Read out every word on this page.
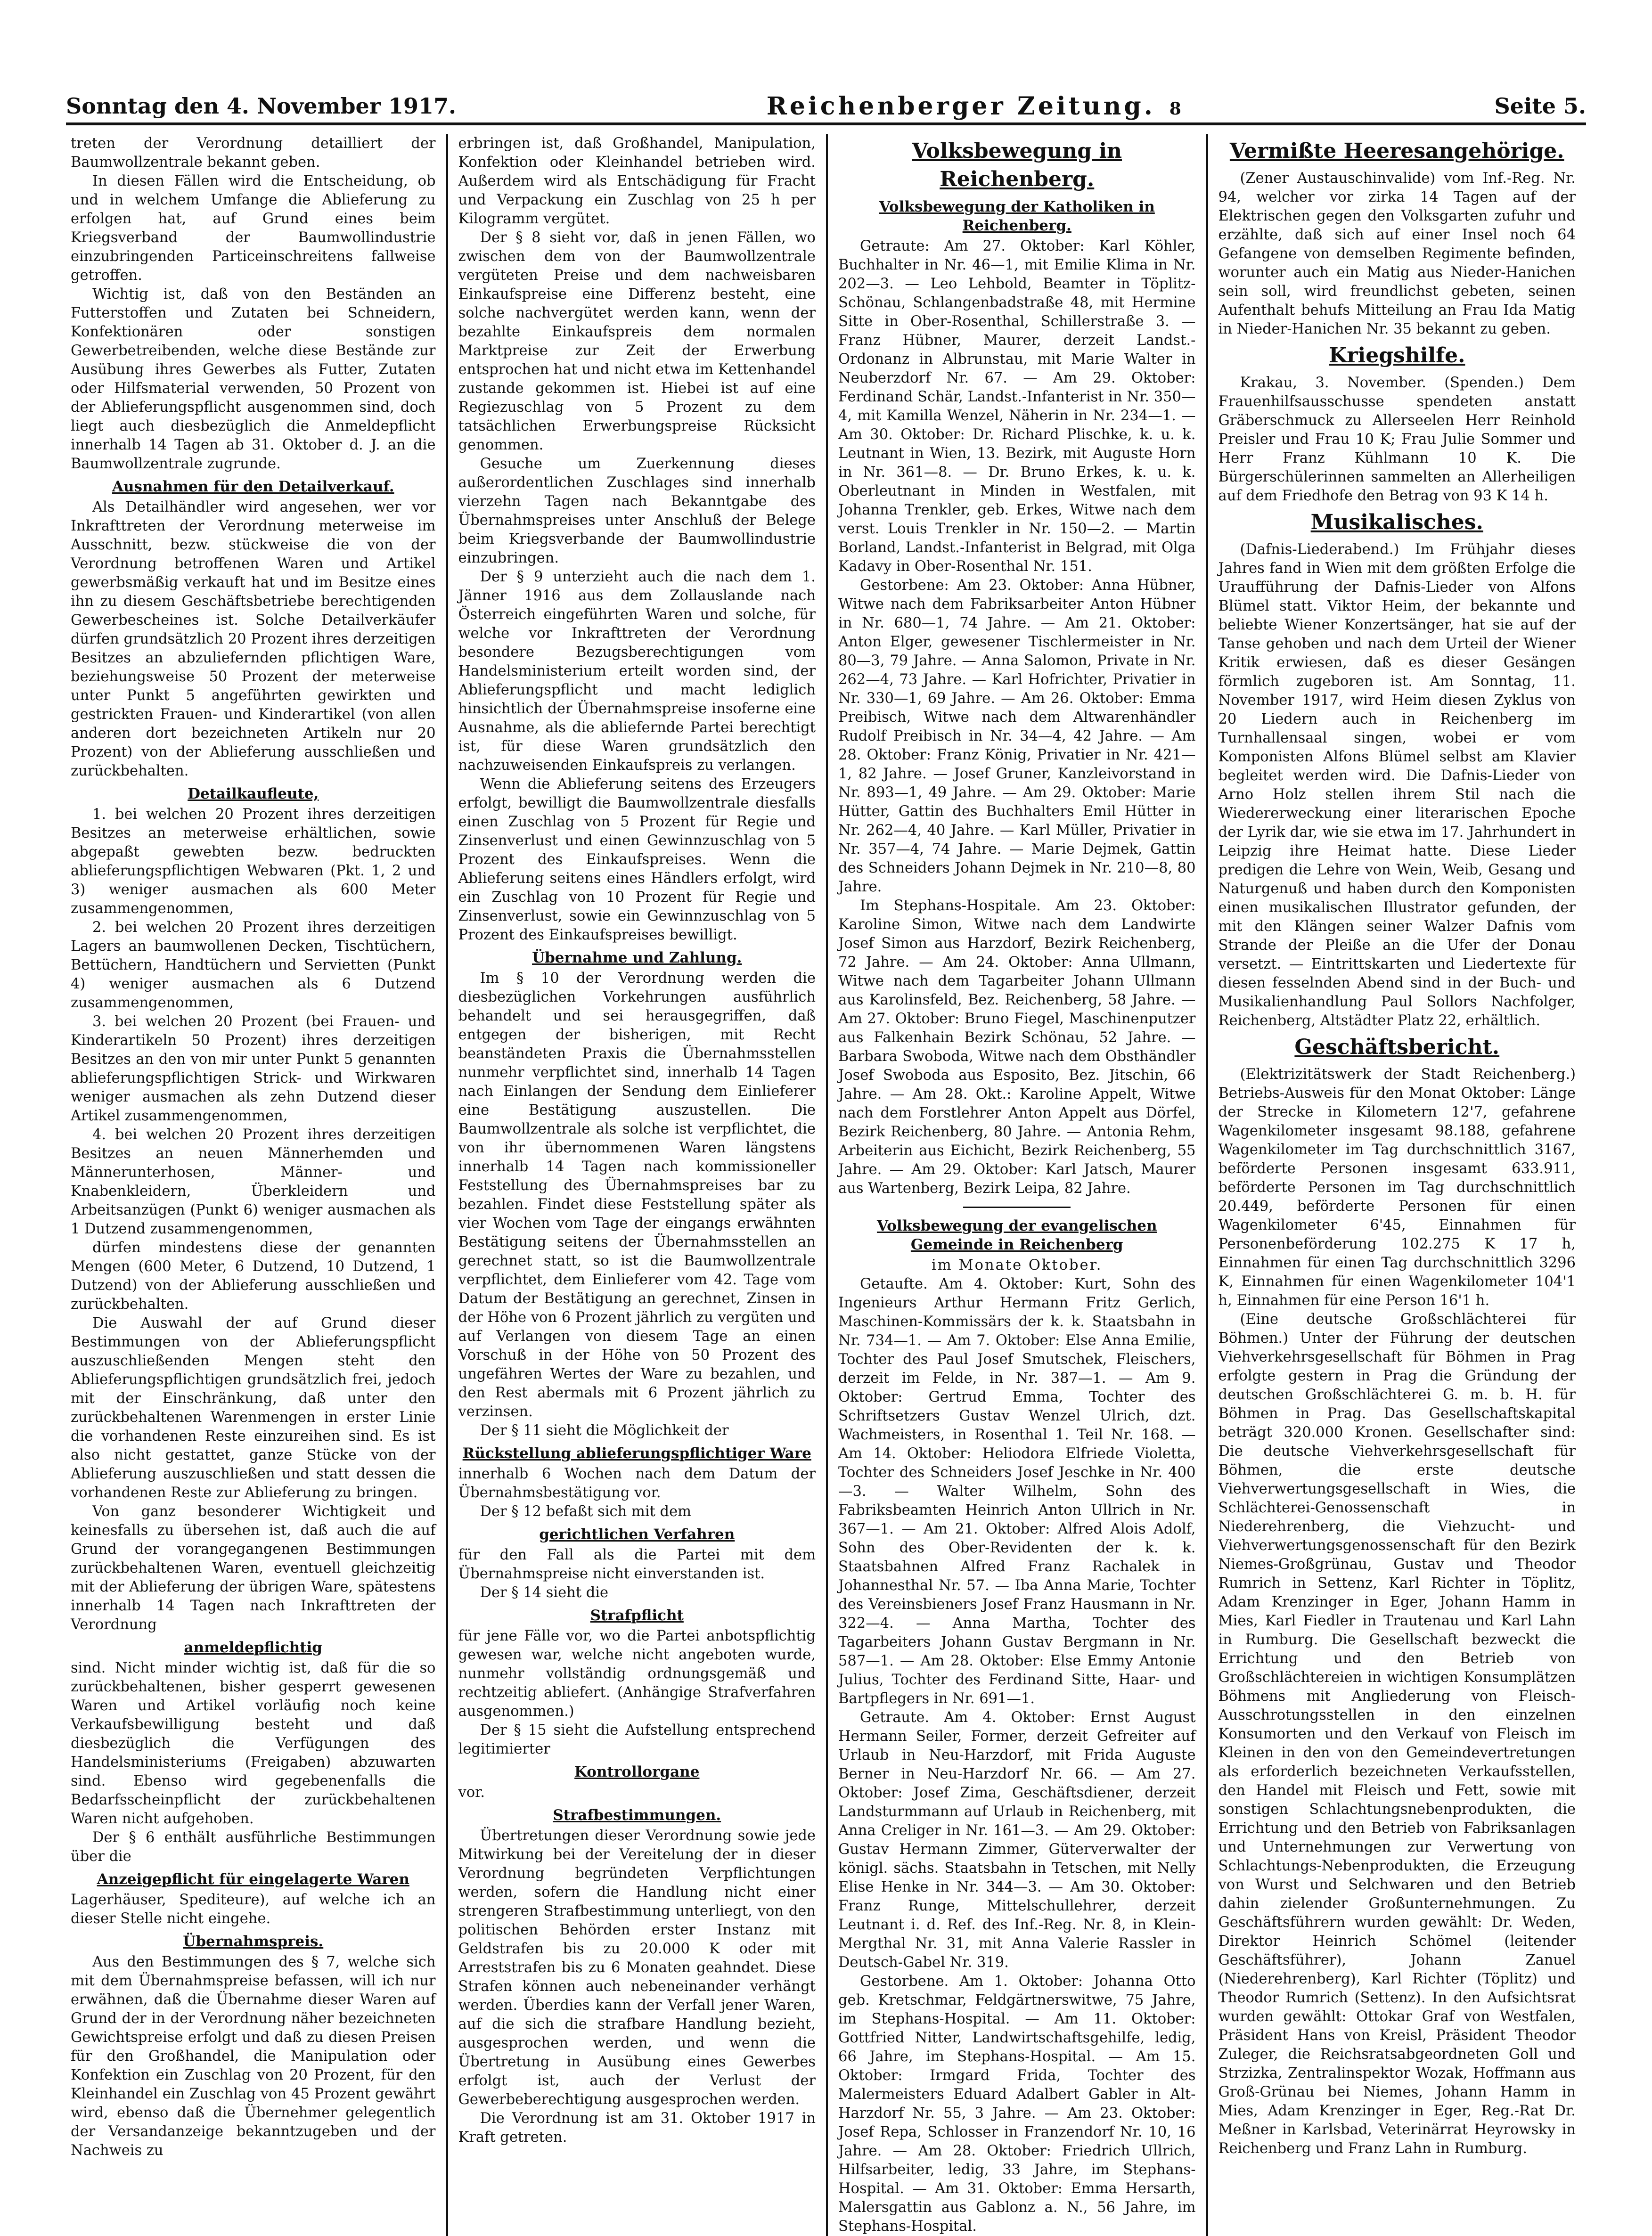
Sonntag den 4. November 1917.	Reichenberger Zeitung. 8	Seite 5.

treten der Verordnung detailliert der Baumwollzentrale bekannt geben.

In diesen Fällen wird die Entscheidung, ob und in welchem Umfange die Ablieferung zu erfolgen hat, auf Grund eines beim Kriegsverband der Baumwollindustrie einzubringenden Particeinschreitens fallweise getroffen.

Wichtig ist, daß von den Beständen an Futterstoffen und Zutaten bei Schneidern, Konfektionären oder sonstigen Gewerbetreibenden, welche diese Bestände zur Ausübung ihres Gewerbes als Futter, Zutaten oder Hilfsmaterial verwenden, 50 Prozent von der Ablieferungspflicht ausgenommen sind, doch liegt auch diesbezüglich die Anmeldepflicht innerhalb 14 Tagen ab 31. Oktober d. J. an die Baumwollzentrale zugrunde.

Ausnahmen für den Detailverkauf.

Als Detailhändler wird angesehen, wer vor Inkrafttreten der Verordnung meterweise im Ausschnitt, bezw. stückweise die von der Verordnung betroffenen Waren und Artikel gewerbsmäßig verkauft hat und im Besitze eines ihn zu diesem Geschäftsbetriebe berechtigenden Gewerbescheines ist. Solche Detailverkäufer dürfen grundsätzlich 20 Prozent ihres derzeitigen Besitzes an abzuliefernden pflichtigen Ware, beziehungsweise 50 Prozent der meterweise unter Punkt 5 angeführten gewirkten und gestrickten Frauen- und Kinderartikel (von allen anderen dort bezeichneten Artikeln nur 20 Prozent) von der Ablieferung ausschließen und zurückbehalten.

Detailkaufleute,

1. bei welchen 20 Prozent ihres derzeitigen Besitzes an meterweise erhältlichen, sowie abgepaßt gewebten bezw. bedruckten ablieferungspflichtigen Webwaren (Pkt. 1, 2 und 3) weniger ausmachen als 600 Meter zusammengenommen,

2. bei welchen 20 Prozent ihres derzeitigen Lagers an baumwollenen Decken, Tischtüchern, Bettüchern, Handtüchern und Servietten (Punkt 4) weniger ausmachen als 6 Dutzend zusammengenommen,

3. bei welchen 20 Prozent (bei Frauen- und Kinderartikeln 50 Prozent) ihres derzeitigen Besitzes an den von mir unter Punkt 5 genannten ablieferungspflichtigen Strick- und Wirkwaren weniger ausmachen als zehn Dutzend dieser Artikel zusammengenommen,

4. bei welchen 20 Prozent ihres derzeitigen Besitzes an neuen Männerhemden und Männerunterhosen, Männer- und Knabenkleidern, Überkleidern und Arbeitsanzügen (Punkt 6) weniger ausmachen als 1 Dutzend zusammengenommen,

dürfen mindestens diese der genannten Mengen (600 Meter, 6 Dutzend, 10 Dutzend, 1 Dutzend) von der Ablieferung ausschließen und zurückbehalten.

Die Auswahl der auf Grund dieser Bestimmungen von der Ablieferungspflicht auszuschließenden Mengen steht den Ablieferungspflichtigen grundsätzlich frei, jedoch mit der Einschränkung, daß unter den zurückbehaltenen Warenmengen in erster Linie die vorhandenen Reste einzureihen sind. Es ist also nicht gestattet, ganze Stücke von der Ablieferung auszuschließen und statt dessen die vorhandenen Reste zur Ablieferung zu bringen.

Von ganz besonderer Wichtigkeit und keinesfalls zu übersehen ist, daß auch die auf Grund der vorangegangenen Bestimmungen zurückbehaltenen Waren, eventuell gleichzeitig mit der Ablieferung der übrigen Ware, spätestens innerhalb 14 Tagen nach Inkrafttreten der Verordnung

anmeldepflichtig

sind. Nicht minder wichtig ist, daß für die so zurückbehaltenen, bisher gesperrt gewesenen Waren und Artikel vorläufig noch keine Verkaufsbewilligung besteht und daß diesbezüglich die Verfügungen des Handelsministeriums (Freigaben) abzuwarten sind. Ebenso wird gegebenenfalls die Bedarfsscheinpflicht der zurückbehaltenen Waren nicht aufgehoben.

Der § 6 enthält ausführliche Bestimmungen über die

Anzeigepflicht für eingelagerte Waren

Lagerhäuser, Spediteure), auf welche ich an dieser Stelle nicht eingehe.

Übernahmspreis.

Aus den Bestimmungen des § 7, welche sich mit dem Übernahmspreise befassen, will ich nur erwähnen, daß die Übernahme dieser Waren auf Grund der in der Verordnung näher bezeichneten Gewichtspreise erfolgt und daß zu diesen Preisen für den Großhandel, die Manipulation oder Konfektion ein Zuschlag von 20 Prozent, für den Kleinhandel ein Zuschlag von 45 Prozent gewährt wird, ebenso daß die Übernehmer gelegentlich der Versandanzeige bekanntzugeben und der Nachweis zu

erbringen ist, daß Großhandel, Manipulation, Konfektion oder Kleinhandel betrieben wird. Außerdem wird als Entschädigung für Fracht und Verpackung ein Zuschlag von 25 h per Kilogramm vergütet.

Der § 8 sieht vor, daß in jenen Fällen, wo zwischen dem von der Baumwollzentrale vergüteten Preise und dem nachweisbaren Einkaufspreise eine Differenz besteht, eine solche nachvergütet werden kann, wenn der bezahlte Einkaufspreis dem normalen Marktpreise zur Zeit der Erwerbung entsprochen hat und nicht etwa im Kettenhandel zustande gekommen ist. Hiebei ist auf eine Regiezuschlag von 5 Prozent zu dem tatsächlichen Erwerbungspreise Rücksicht genommen.

Gesuche um Zuerkennung dieses außerordentlichen Zuschlages sind innerhalb vierzehn Tagen nach Bekanntgabe des Übernahmspreises unter Anschluß der Belege beim Kriegsverbande der Baumwollindustrie einzubringen.

Der § 9 unterzieht auch die nach dem 1. Jänner 1916 aus dem Zollauslande nach Österreich eingeführten Waren und solche, für welche vor Inkrafttreten der Verordnung besondere Bezugsberechtigungen vom Handelsministerium erteilt worden sind, der Ablieferungspflicht und macht lediglich hinsichtlich der Übernahmspreise insoferne eine Ausnahme, als die abliefernde Partei berechtigt ist, für diese Waren grundsätzlich den nachzuweisenden Einkaufspreis zu verlangen.

Wenn die Ablieferung seitens des Erzeugers erfolgt, bewilligt die Baumwollzentrale diesfalls einen Zuschlag von 5 Prozent für Regie und Zinsenverlust und einen Gewinnzuschlag von 5 Prozent des Einkaufspreises. Wenn die Ablieferung seitens eines Händlers erfolgt, wird ein Zuschlag von 10 Prozent für Regie und Zinsenverlust, sowie ein Gewinnzuschlag von 5 Prozent des Einkaufspreises bewilligt.

Übernahme und Zahlung.

Im § 10 der Verordnung werden die diesbezüglichen Vorkehrungen ausführlich behandelt und sei herausgegriffen, daß entgegen der bisherigen, mit Recht beanständeten Praxis die Übernahmsstellen nunmehr verpflichtet sind, innerhalb 14 Tagen nach Einlangen der Sendung dem Einlieferer eine Bestätigung auszustellen. Die Baumwollzentrale als solche ist verpflichtet, die von ihr übernommenen Waren längstens innerhalb 14 Tagen nach kommissioneller Feststellung des Übernahmspreises bar zu bezahlen. Findet diese Feststellung später als vier Wochen vom Tage der eingangs erwähnten Bestätigung seitens der Übernahmsstellen an gerechnet statt, so ist die Baumwollzentrale verpflichtet, dem Einlieferer vom 42. Tage vom Datum der Bestätigung an gerechnet, Zinsen in der Höhe von 6 Prozent jährlich zu vergüten und auf Verlangen von diesem Tage an einen Vorschuß in der Höhe von 50 Prozent des ungefähren Wertes der Ware zu bezahlen, und den Rest abermals mit 6 Prozent jährlich zu verzinsen.

Der § 11 sieht die Möglichkeit der

Rückstellung ablieferungspflichtiger Ware

innerhalb 6 Wochen nach dem Datum der Übernahmsbestätigung vor.

Der § 12 befaßt sich mit dem

gerichtlichen Verfahren

für den Fall als die Partei mit dem Übernahmspreise nicht einverstanden ist.

Der § 14 sieht die

Strafpflicht

für jene Fälle vor, wo die Partei anbotspflichtig gewesen war, welche nicht angeboten wurde, nunmehr vollständig ordnungsgemäß und rechtzeitig abliefert. (Anhängige Strafverfahren ausgenommen.)

Der § 15 sieht die Aufstellung entsprechend legitimierter

Kontrollorgane

vor.

Strafbestimmungen.

Übertretungen dieser Verordnung sowie jede Mitwirkung bei der Vereitelung der in dieser Verordnung begründeten Verpflichtungen werden, sofern die Handlung nicht einer strengeren Strafbestimmung unterliegt, von den politischen Behörden erster Instanz mit Geldstrafen bis zu 20.000 K oder mit Arreststrafen bis zu 6 Monaten geahndet. Diese Strafen können auch nebeneinander verhängt werden. Überdies kann der Verfall jener Waren, auf die sich die strafbare Handlung bezieht, ausgesprochen werden, und wenn die Übertretung in Ausübung eines Gewerbes erfolgt ist, auch der Verlust der Gewerbeberechtigung ausgesprochen werden.

Die Verordnung ist am 31. Oktober 1917 in Kraft getreten.

Volksbewegung in Reichenberg.
Volksbewegung der Katholiken in Reichenberg.

Getraute: Am 27. Oktober: Karl Köhler, Buchhalter in Nr. 46—1, mit Emilie Klima in Nr. 202—3. — Leo Lehbold, Beamter in Töplitz-Schönau, Schlangenbadstraße 48, mit Hermine Sitte in Ober-Rosenthal, Schillerstraße 3. — Franz Hübner, Maurer, derzeit Landst.-Ordonanz in Albrunstau, mit Marie Walter in Neuberzdorf Nr. 67. — Am 29. Oktober: Ferdinand Schär, Landst.-Infanterist in Nr. 350—4, mit Kamilla Wenzel, Näherin in Nr. 234—1. — Am 30. Oktober: Dr. Richard Plischke, k. u. k. Leutnant in Wien, 13. Bezirk, mit Auguste Horn in Nr. 361—8. — Dr. Bruno Erkes, k. u. k. Oberleutnant in Minden in Westfalen, mit Johanna Trenkler, geb. Erkes, Witwe nach dem verst. Louis Trenkler in Nr. 150—2. — Martin Borland, Landst.-Infanterist in Belgrad, mit Olga Kadavy in Ober-Rosenthal Nr. 151.

Gestorbene: Am 23. Oktober: Anna Hübner, Witwe nach dem Fabriksarbeiter Anton Hübner in Nr. 680—1, 74 Jahre. — Am 21. Oktober: Anton Elger, gewesener Tischlermeister in Nr. 80—3, 79 Jahre. — Anna Salomon, Private in Nr. 262—4, 73 Jahre. — Karl Hofrichter, Privatier in Nr. 330—1, 69 Jahre. — Am 26. Oktober: Emma Preibisch, Witwe nach dem Altwarenhändler Rudolf Preibisch in Nr. 34—4, 42 Jahre. — Am 28. Oktober: Franz König, Privatier in Nr. 421—1, 82 Jahre. — Josef Gruner, Kanzleivorstand in Nr. 893—1, 49 Jahre. — Am 29. Oktober: Marie Hütter, Gattin des Buchhalters Emil Hütter in Nr. 262—4, 40 Jahre. — Karl Müller, Privatier in Nr. 357—4, 74 Jahre. — Marie Dejmek, Gattin des Schneiders Johann Dejmek in Nr. 210—8, 80 Jahre.

Im Stephans-Hospitale. Am 23. Oktober: Karoline Simon, Witwe nach dem Landwirte Josef Simon aus Harzdorf, Bezirk Reichenberg, 72 Jahre. — Am 24. Oktober: Anna Ullmann, Witwe nach dem Tagarbeiter Johann Ullmann aus Karolinsfeld, Bez. Reichenberg, 58 Jahre. — Am 27. Oktober: Bruno Fiegel, Maschinenputzer aus Falkenhain Bezirk Schönau, 52 Jahre. — Barbara Swoboda, Witwe nach dem Obsthändler Josef Swoboda aus Esposito, Bez. Jitschin, 66 Jahre. — Am 28. Okt.: Karoline Appelt, Witwe nach dem Forstlehrer Anton Appelt aus Dörfel, Bezirk Reichenberg, 80 Jahre. — Antonia Rehm, Arbeiterin aus Eichicht, Bezirk Reichenberg, 55 Jahre. — Am 29. Oktober: Karl Jatsch, Maurer aus Wartenberg, Bezirk Leipa, 82 Jahre.

Volksbewegung der evangelischen Gemeinde in Reichenberg
im Monate Oktober.

Getaufte. Am 4. Oktober: Kurt, Sohn des Ingenieurs Arthur Hermann Fritz Gerlich, Maschinen-Kommissärs der k. k. Staatsbahn in Nr. 734—1. — Am 7. Oktober: Else Anna Emilie, Tochter des Paul Josef Smutschek, Fleischers, derzeit im Felde, in Nr. 387—1. — Am 9. Oktober: Gertrud Emma, Tochter des Schriftsetzers Gustav Wenzel Ulrich, dzt. Wachmeisters, in Rosenthal 1. Teil Nr. 168. — Am 14. Oktober: Heliodora Elfriede Violetta, Tochter des Schneiders Josef Jeschke in Nr. 400—3. — Walter Wilhelm, Sohn des Fabriksbeamten Heinrich Anton Ullrich in Nr. 367—1. — Am 21. Oktober: Alfred Alois Adolf, Sohn des Ober-Revidenten der k. k. Staatsbahnen Alfred Franz Rachalek in Johannesthal Nr. 57. — Iba Anna Marie, Tochter des Vereinsbieners Josef Franz Hausmann in Nr. 322—4. — Anna Martha, Tochter des Tagarbeiters Johann Gustav Bergmann in Nr. 587—1. — Am 28. Oktober: Else Emmy Antonie Julius, Tochter des Ferdinand Sitte, Haar- und Bartpflegers in Nr. 691—1.

Getraute. Am 4. Oktober: Ernst August Hermann Seiler, Former, derzeit Gefreiter auf Urlaub in Neu-Harzdorf, mit Frida Auguste Berner in Neu-Harzdorf Nr. 66. — Am 27. Oktober: Josef Zima, Geschäftsdiener, derzeit Landsturmmann auf Urlaub in Reichenberg, mit Anna Creliger in Nr. 161—3. — Am 29. Oktober: Gustav Hermann Zimmer, Güterverwalter der königl. sächs. Staatsbahn in Tetschen, mit Nelly Elise Henke in Nr. 344—3. — Am 30. Oktober: Franz Runge, Mittelschullehrer, derzeit Leutnant i. d. Ref. des Inf.-Reg. Nr. 8, in Klein-Mergthal Nr. 31, mit Anna Valerie Rassler in Deutsch-Gabel Nr. 319.

Gestorbene. Am 1. Oktober: Johanna Otto geb. Kretschmar, Feldgärtnerswitwe, 75 Jahre, im Stephans-Hospital. — Am 11. Oktober: Gottfried Nitter, Landwirtschaftsgehilfe, ledig, 66 Jahre, im Stephans-Hospital. — Am 15. Oktober: Irmgard Frida, Tochter des Malermeisters Eduard Adalbert Gabler in Alt-Harzdorf Nr. 55, 3 Jahre. — Am 23. Oktober: Josef Repa, Schlosser in Franzendorf Nr. 10, 16 Jahre. — Am 28. Oktober: Friedrich Ullrich, Hilfsarbeiter, ledig, 33 Jahre, im Stephans-Hospital. — Am 31. Oktober: Emma Hersarth, Malersgattin aus Gablonz a. N., 56 Jahre, im Stephans-Hospital.

Vermißte Heeresangehörige.

(Zener Austauschinvalide) vom Inf.-Reg. Nr. 94, welcher vor zirka 14 Tagen auf der Elektrischen gegen den Volksgarten zufuhr und erzählte, daß sich auf einer Insel noch 64 Gefangene von demselben Regimente befinden, worunter auch ein Matig aus Nieder-Hanichen sein soll, wird freundlichst gebeten, seinen Aufenthalt behufs Mitteilung an Frau Ida Matig in Nieder-Hanichen Nr. 35 bekannt zu geben.

Kriegshilfe.

Krakau, 3. November. (Spenden.) Dem Frauenhilfsausschusse spendeten anstatt Gräberschmuck zu Allerseelen Herr Reinhold Preisler und Frau 10 K; Frau Julie Sommer und Herr Franz Kühlmann 10 K. Die Bürgerschülerinnen sammelten an Allerheiligen auf dem Friedhofe den Betrag von 93 K 14 h.

Musikalisches.

(Dafnis-Liederabend.) Im Frühjahr dieses Jahres fand in Wien mit dem größten Erfolge die Uraufführung der Dafnis-Lieder von Alfons Blümel statt. Viktor Heim, der bekannte und beliebte Wiener Konzertsänger, hat sie auf der Tanse gehoben und nach dem Urteil der Wiener Kritik erwiesen, daß es dieser Gesängen förmlich zugeboren ist. Am Sonntag, 11. November 1917, wird Heim diesen Zyklus von 20 Liedern auch in Reichenberg im Turnhallensaal singen, wobei er vom Komponisten Alfons Blümel selbst am Klavier begleitet werden wird. Die Dafnis-Lieder von Arno Holz stellen ihrem Stil nach die Wiedererweckung einer literarischen Epoche der Lyrik dar, wie sie etwa im 17. Jahrhundert in Leipzig ihre Heimat hatte. Diese Lieder predigen die Lehre von Wein, Weib, Gesang und Naturgenuß und haben durch den Komponisten einen musikalischen Illustrator gefunden, der mit den Klängen seiner Walzer Dafnis vom Strande der Pleiße an die Ufer der Donau versetzt. — Eintrittskarten und Liedertexte für diesen fesselnden Abend sind in der Buch- und Musikalienhandlung Paul Sollors Nachfolger, Reichenberg, Altstädter Platz 22, erhältlich.

Geschäftsbericht.

(Elektrizitätswerk der Stadt Reichenberg.) Betriebs-Ausweis für den Monat Oktober: Länge der Strecke in Kilometern 12'7, gefahrene Wagenkilometer insgesamt 98.188, gefahrene Wagenkilometer im Tag durchschnittlich 3167, beförderte Personen insgesamt 633.911, beförderte Personen im Tag durchschnittlich 20.449, beförderte Personen für einen Wagenkilometer 6'45, Einnahmen für Personenbeförderung 102.275 K 17 h, Einnahmen für einen Tag durchschnittlich 3296 K, Einnahmen für einen Wagenkilometer 104'1 h, Einnahmen für eine Person 16'1 h.

(Eine deutsche Großschlächterei für Böhmen.) Unter der Führung der deutschen Viehverkehrsgesellschaft für Böhmen in Prag erfolgte gestern in Prag die Gründung der deutschen Großschlächterei G. m. b. H. für Böhmen in Prag. Das Gesellschaftskapital beträgt 320.000 Kronen. Gesellschafter sind: Die deutsche Viehverkehrsgesellschaft für Böhmen, die erste deutsche Viehverwertungsgesellschaft in Wies, die Schlächterei-Genossenschaft in Niederehrenberg, die Viehzucht- und Viehverwertungsgenossenschaft für den Bezirk Niemes-Großgrünau, Gustav und Theodor Rumrich in Settenz, Karl Richter in Töplitz, Adam Krenzinger in Eger, Johann Hamm in Mies, Karl Fiedler in Trautenau und Karl Lahn in Rumburg. Die Gesellschaft bezweckt die Errichtung und den Betrieb von Großschlächtereien in wichtigen Konsumplätzen Böhmens mit Angliederung von Fleisch-Ausschrotungsstellen in den einzelnen Konsumorten und den Verkauf von Fleisch im Kleinen in den von den Gemeindevertretungen als erforderlich bezeichneten Verkaufsstellen, den Handel mit Fleisch und Fett, sowie mit sonstigen Schlachtungsnebenprodukten, die Errichtung und den Betrieb von Fabriksanlagen und Unternehmungen zur Verwertung von Schlachtungs-Nebenprodukten, die Erzeugung von Wurst und Selchwaren und den Betrieb dahin zielender Großunternehmungen. Zu Geschäftsführern wurden gewählt: Dr. Weden, Direktor Heinrich Schömel (leitender Geschäftsführer), Johann Zanuel (Niederehrenberg), Karl Richter (Töplitz) und Theodor Rumrich (Settenz). In den Aufsichtsrat wurden gewählt: Ottokar Graf von Westfalen, Präsident Hans von Kreisl, Präsident Theodor Zuleger, die Reichsratsabgeordneten Goll und Strzizka, Zentralinspektor Wozak, Hoffmann aus Groß-Grünau bei Niemes, Johann Hamm in Mies, Adam Krenzinger in Eger, Reg.-Rat Dr. Meßner in Karlsbad, Veterinärrat Heyrowsky in Reichenberg und Franz Lahn in Rumburg.
